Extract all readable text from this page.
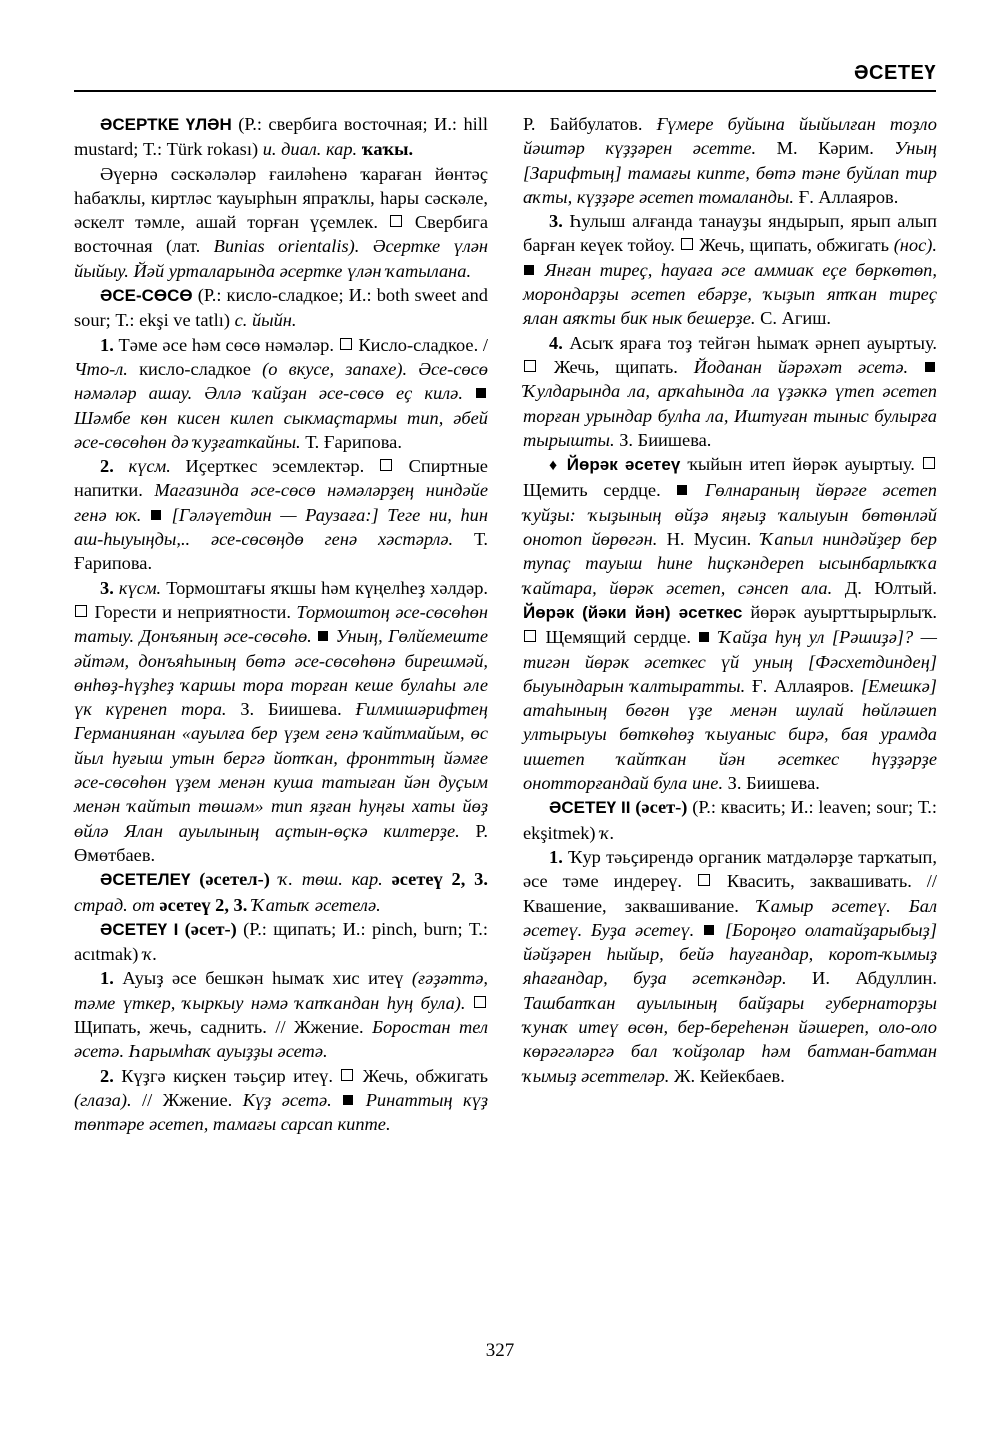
ӘСЕТЕҮ

ӘСЕРТКЕ ҮЛӘН (Р.: свербига восточная; И.: hill mustard; Т.: Türk rokası) и. диал. кар. ҡаҡы.

Әүернә сәскәләләр ғаиләһенә ҡараған йөнтәҫ һабаҡлы, киртләс ҡауырһын япраҡлы, һары сәскәле, әскелт тәмле, ашай торған үҫемлек. Свербига восточная (лат. Bunias orientalis). Әсертке үлән йыйыу. Йәй урталарында әсертке үлән ҡатылана.

ӘСЕ-СӨСӨ (Р.: кисло-сладкое; И.: both sweet and sour; Т.: ekşi ve tatlı) с. йыйн.

1. Тәме әсе һәм сөсө нәмәләр. Кисло-сладкое. / Что-л. кисло-сладкое (о вкусе, запахе). Әсе-сөсө нәмәләр ашау. Әллә ҡайҙан әсе-сөсө еҫ килә.  Шәмбе көн кисен килеп сыкмаҫтармы тип, әбей әсе-сөсөһөн дә ҡуҙғаткайны. Т. Ғарипова.

2. күсм. Иҫерткес эсемлектәр. Спиртные напитки. Магазинда әсе-сөсө нәмәләрҙең ниндәйе генә юк. [Гәләүетдин — Раузаға:] Теге ни, һин аш-һыуыңды,.. әсе-сөсөңдө генә хәстәрлә. Т. Ғарипова.

3. күсм. Тормоштағы яҡшы һәм күңелһеҙ хәлдәр.  Горести и неприятности. Тормоштоң әсе-сөсөһөн татыу. Донъяның әсе-сөсөһө. Уның, Гөлйемеште әйтәм, донъяһының бөтә әсе-сөсөһөнә бирешмәй, өнһөҙ-һүҙһеҙ ҡаршы тора торған кеше булаһы әле үк күренеп тора. З. Биишева. Ғилмишәрифтең Германиянан «ауылға бер үҙем генә ҡайтмайым, өс йыл һуғыш утын бергә йотҡан, фронттың йәмғе әсе-сөсөһөн үҙем менән куша татыған йән дуҫым менән ҡайтып төшәм» тип яҙған һуңғы хаты йөҙ өйлә Ялан ауылының аҫтын-өҫкә килтерҙе. Р. Өмөтбаев.

ӘСЕТЕЛЕҮ (әсетел-) ҡ. төш. кар. әсетеү 2, 3. страд. от әсетеү 2, 3. Ҡатыҡ әсетелә.

ӘСЕТЕҮ I (әсет-) (Р.: щипать; И.: pinch, burn; Т.: acıtmak) ҡ.

1. Ауыҙ әсе бешкән һымаҡ хис итеү (ғәҙәттә, тәме үткер, ҡыркыу нәмә ҡапҡандан һуң була).  Щипать, жечь, саднить. // Жжение. Боростан тел әсетә. Һарымһаҡ ауыҙҙы әсетә.

2. Күҙгә киҫкен тәьҫир итеү. Жечь, обжигать (глаза). // Жжение. Күҙ әсетә. Ринаттың күҙ төптәре әсетеп, тамағы сарсап кипте.

Р. Байбулатов. Ғүмере буйына йыйылған тоҙло йәштәр күҙҙәрен әсетте. М. Кәрим. Уның [Зарифтың] тамағы кипте, бөтә тәне буйлап тир аҡты, күҙҙәре әсетеп томаланды. Ғ. Аллаяров.

3. Һулыш алғанда танауҙы яндырып, ярып алып барған кеүек тойоу. Жечь, щипать, обжигать (нос).  Янған тиреҫ, һауаға әсе аммиак еҫе бөркөтөп, морондарҙы әсетеп ебәрҙе, ҡыҙып ятҡан тиреҫ ялан аяҡты бик нык бешерҙе. С. Агиш.

4. Асыҡ яраға тоҙ тейгән һымаҡ әрнеп ауыртыу.  Жечь, щипать. Йоданан йәрәхәт әсетә.  Ҡулдарында ла, арҡаһында ла үҙәккә үтеп әсетеп торған урындар булһа ла, Иштуған тыныс булырға тырышты. З. Биишева.

♦ Йөрәк әсетеү ҡыйын итеп йөрәк ауыртыу.  Щемить сердце. Гөлнараның йөрәге әсетеп ҡуйҙы: ҡыҙының өйҙә яңғыҙ ҡалыуын бөтөнләй онотоп йөрөгән. Н. Мусин. Ҡапыл ниндәйҙер бер тупаҫ тауыш һине һиҫкәндереп ысынбарлыҡҡа ҡайтара, йөрәк әсетеп, сәнсеп ала. Д. Юлтый. Йөрәк (йәки йән) әсеткес йөрәк ауырттырырлыҡ.  Щемящий сердце. Ҡайҙа һуң ул [Рәшиҙә]? — тигән йөрәк әсеткес үй уның [Фәсхетдиндең] быуындарын ҡалтыратты. Ғ. Аллаяров. [Емешкә] атаһының бөгөн үҙе менән шулай һөйләшеп ултырыуы бөткөһөҙ ҡыуаныс бирә, бая урамда ишетеп ҡайтҡан йән әсеткес һүҙҙәрҙе онотторғандай була ине. З. Биишева.

ӘСЕТЕҮ II (әсет-) (Р.: квасить; И.: leaven; sour; Т.: ekşitmek) ҡ.

1. Ҡур тәьҫирендә органик матдәләрҙе тарҡатып, әсе тәме индереү. Квасить, заквашивать. // Квашение, заквашивание. Ҡамыр әсетеү. Бал әсетеү. Буҙа әсетеү. [Бороңғо олатайҙарыбыҙ] йәйҙәрен һыйыр, бейә һауғандар, корот-ҡымыҙ яһағандар, буҙа әсеткәндәр. И. Абдуллин. Ташбатҡан ауылының байҙары губернаторҙы ҡунаҡ итеү өсөн, бер-береһенән йәшереп, оло-оло көрәгәләргә бал ҡойҙолар һәм батман-батман ҡымыҙ әсеттеләр. Ж. Кейекбаев.

327
